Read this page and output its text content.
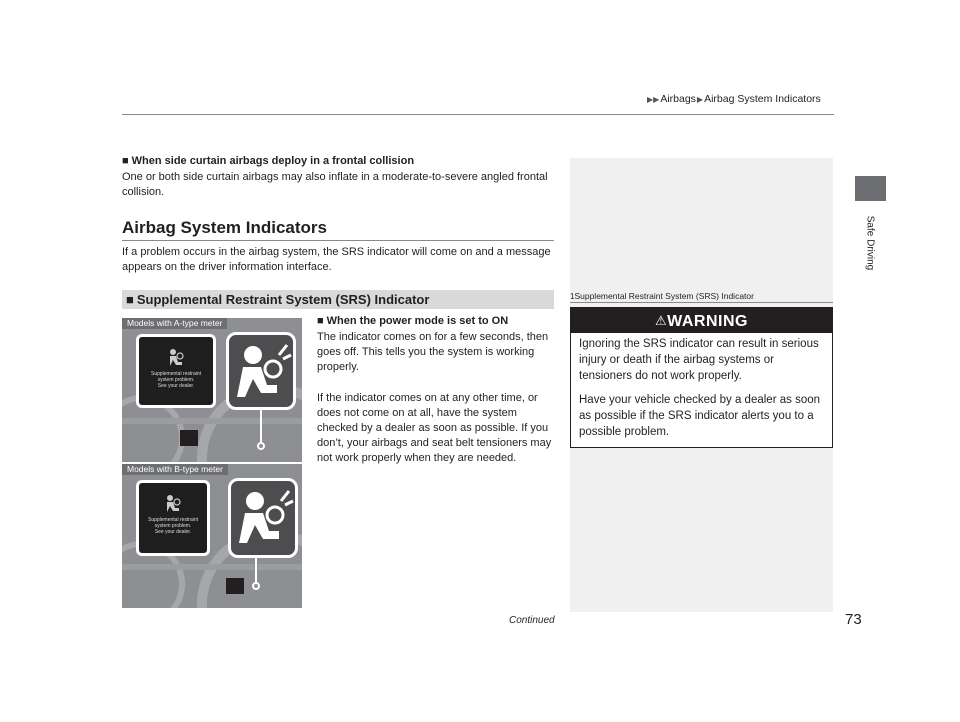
▶▶Airbags▶Airbag System Indicators
Safe Driving
■ When side curtain airbags deploy in a frontal collision
One or both side curtain airbags may also inflate in a moderate-to-severe angled frontal collision.
Airbag System Indicators
If a problem occurs in the airbag system, the SRS indicator will come on and a message appears on the driver information interface.
■ Supplemental Restraint System (SRS) Indicator
■ When the power mode is set to ON
The indicator comes on for a few seconds, then goes off. This tells you the system is working properly.
If the indicator comes on at any other time, or does not come on at all, have the system checked by a dealer as soon as possible. If you don’t, your airbags and seat belt tensioners may not work properly when they are needed.
Supplemental restraint
system problem.
See your dealer.
Models with A-type meter
Supplemental restraint
system problem.
See your dealer.
Models with B-type meter
1Supplemental Restraint System (SRS) Indicator
⚠WARNING
Ignoring the SRS indicator can result in serious injury or death if the airbag systems or tensioners do not work properly.
Have your vehicle checked by a dealer as soon as possible if the SRS indicator alerts you to a possible problem.
Continued	73
